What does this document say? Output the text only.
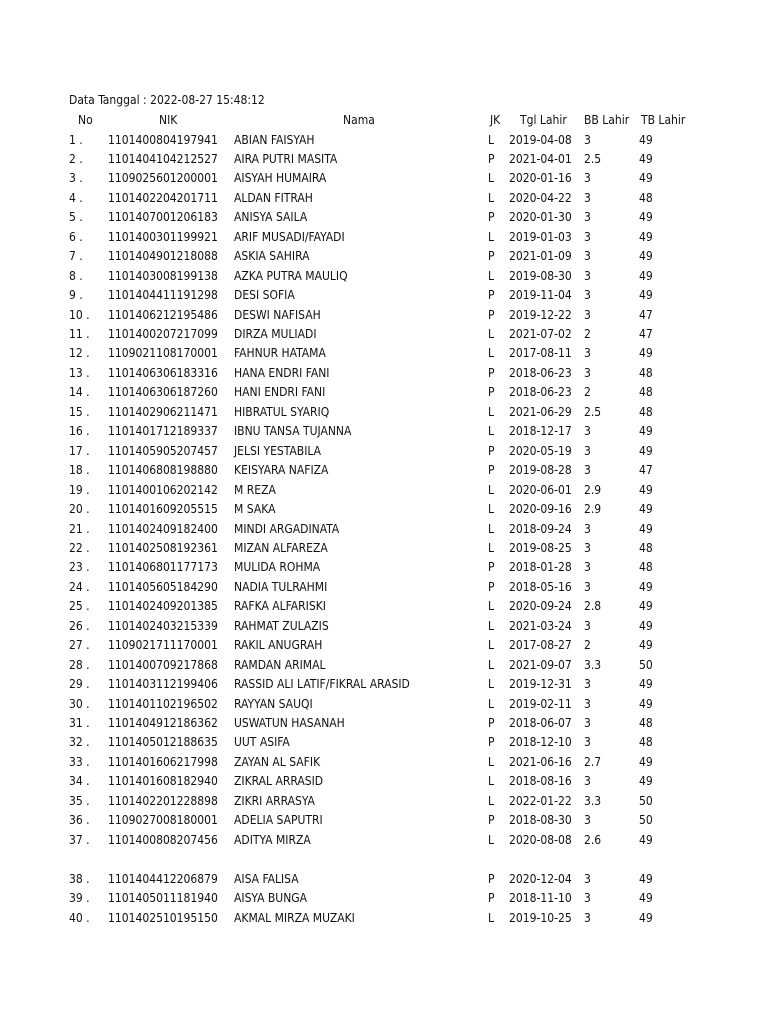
Data Tanggal : 2022-08-27 15:48:12
No	NIK	Nama	JK Tgl Lahir BB Lahir TB Lahir
1 . 1101400804197941 ABIAN FAISYAH	L 2019-04-08 3	49
2 . 1101404104212527 AIRA PUTRI MASITA	P 2021-04-01 2.5	49
3 . 1109025601200001 AISYAH HUMAIRA	L 2020-01-16 3	49
4 . 1101402204201711 ALDAN FITRAH	L 2020-04-22 3	48
5 . 1101407001206183 ANISYA SAILA	P 2020-01-30 3	49
6 . 1101400301199921 ARIF MUSADI/FAYADI	L 2019-01-03 3	49
7 . 1101404901218088 ASKIA SAHIRA	P 2021-01-09 3	49
8 . 1101403008199138 AZKA PUTRA MAULIQ	L 2019-08-30 3	49
9 . 1101404411191298 DESI SOFIA	P 2019-11-04 3	49
10 . 1101406212195486 DESWI NAFISAH	P 2019-12-22 3	47
11 . 1101400207217099 DIRZA MULIADI	L 2021-07-02 2	47
12 . 1109021108170001 FAHNUR HATAMA	L 2017-08-11 3	49
13 . 1101406306183316 HANA ENDRI FANI	P 2018-06-23 3	48
14 . 1101406306187260 HANI ENDRI FANI	P 2018-06-23 2	48
15 . 1101402906211471 HIBRATUL SYARIQ	L 2021-06-29 2.5	48
16 . 1101401712189337 IBNU TANSA TUJANNA	L 2018-12-17 3	49
17 . 1101405905207457 JELSI YESTABILA	P 2020-05-19 3	49
18 . 1101406808198880 KEISYARA NAFIZA	P 2019-08-28 3	47
19 . 1101400106202142 M REZA	L 2020-06-01 2.9	49
20 . 1101401609205515 M SAKA	L 2020-09-16 2.9	49
21 . 1101402409182400 MINDI ARGADINATA	L 2018-09-24 3	49
22 . 1101402508192361 MIZAN ALFAREZA	L 2019-08-25 3	48
23 . 1101406801177173 MULIDA ROHMA	P 2018-01-28 3	48
24 . 1101405605184290 NADIA TULRAHMI	P 2018-05-16 3	49
25 . 1101402409201385 RAFKA ALFARISKI	L 2020-09-24 2.8	49
26 . 1101402403215339 RAHMAT ZULAZIS	L 2021-03-24 3	49
27 . 1109021711170001 RAKIL ANUGRAH	L 2017-08-27 2	49
28 . 1101400709217868 RAMDAN ARIMAL	L 2021-09-07 3.3	50
29 . 1101403112199406 RASSID ALI LATIF/FIKRAL ARASID	L 2019-12-31 3	49
30 . 1101401102196502 RAYYAN SAUQI	L 2019-02-11 3	49
31 . 1101404912186362 USWATUN HASANAH	P 2018-06-07 3	48
32 . 1101405012188635 UUT ASIFA	P 2018-12-10 3	48
33 . 1101401606217998 ZAYAN AL SAFIK	L 2021-06-16 2.7	49
34 . 1101401608182940 ZIKRAL ARRASID	L 2018-08-16 3	49
35 . 1101402201228898 ZIKRI ARRASYA	L 2022-01-22 3.3	50
36 . 1109027008180001 ADELIA SAPUTRI	P 2018-08-30 3	50
37 . 1101400808207456 ADITYA MIRZA	L 2020-08-08 2.6	49
38 . 1101404412206879 AISA FALISA	P 2020-12-04 3	49
39 . 1101405011181940 AISYA BUNGA	P 2018-11-10 3	49
40 . 1101402510195150 AKMAL MIRZA MUZAKI	L 2019-10-25 3	49
